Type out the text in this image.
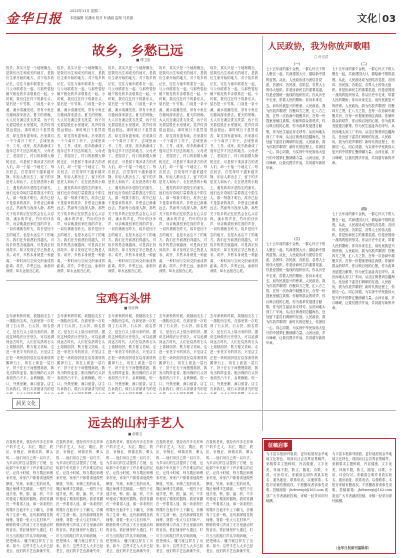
金华日报
2023年11月 星期二
本版编辑 吴潇雨 校对 叶涵丽 监制 马美丽	文化 03
故乡，乡愁已远
■ 傅卫星
故乡，其实只是一个地理概念，是我们出生和成长的地方，是我们生命开始的地方。对于故乡的记忆，往往与童年联系在一起，与父母联系在一起，与那些曾经朝夕相处的乡亲联系在一起。小时候，我们住在村子的最东头，屋后是一片竹林，门前是一条小溪，溪水清澈见底，常有小鱼在石缝间游来游去。夏天的傍晚，大人们在溪边洗衣洗菜，孩子们光着屁股在水里嬉戏，笑声传得很远很远。那时候日子虽然清苦，却过得有滋有味。后来我们一个个离开了村子，去城里读书、工作、成家，故乡渐渐成了逢年过节才回去的地方。父母老了，老屋旧了，村口的那棵大樟树还在，可是树下乘凉讲古的老人们，却一个接一个地走了。每次回去，总觉得村子越来越安静，年轻人都出去了，留下的多是老人和孩子。走在熟悉的小路上，遇见的却多是陌生的面孔，他们也好奇地打量着我这个陌生人。那一刻我才明白，故乡已经不是原来的故乡，乡愁也已渐渐远去。然而每当夜深人静，那些关于故乡的记忆依然会在心头浮现，溪水的声音，竹叶的沙沙声，母亲唤我回家吃饭的声音，一切仿佛就在昨天。故乡是回不去的地方，也是永远忘不了的地方。我们在外面漂泊得越久，对故乡的思念就越深，可是真正回到故乡，却又发现它早已物是人非。或许，乡愁本身就是一种距离，一种时间与空间交织而成的距离。故乡，乡愁已远，而那份深情，却永远留在心底。
故乡，其实只是一个地理概念，是我们出生和成长的地方，是我们生命开始的地方。对于故乡的记忆，往往与童年联系在一起，与父母联系在一起，与那些曾经朝夕相处的乡亲联系在一起。小时候，我们住在村子的最东头，屋后是一片竹林，门前是一条小溪，溪水清澈见底，常有小鱼在石缝间游来游去。夏天的傍晚，大人们在溪边洗衣洗菜，孩子们光着屁股在水里嬉戏，笑声传得很远很远。那时候日子虽然清苦，却过得有滋有味。后来我们一个个离开了村子，去城里读书、工作、成家，故乡渐渐成了逢年过节才回去的地方。父母老了，老屋旧了，村口的那棵大樟树还在，可是树下乘凉讲古的老人们，却一个接一个地走了。每次回去，总觉得村子越来越安静，年轻人都出去了，留下的多是老人和孩子。走在熟悉的小路上，遇见的却多是陌生的面孔，他们也好奇地打量着我这个陌生人。那一刻我才明白，故乡已经不是原来的故乡，乡愁也已渐渐远去。然而每当夜深人静，那些关于故乡的记忆依然会在心头浮现，溪水的声音，竹叶的沙沙声，母亲唤我回家吃饭的声音，一切仿佛就在昨天。故乡是回不去的地方，也是永远忘不了的地方。我们在外面漂泊得越久，对故乡的思念就越深，可是真正回到故乡，却又发现它早已物是人非。或许，乡愁本身就是一种距离，一种时间与空间交织而成的距离。故乡，乡愁已远，而那份深情，却永远留在心底。
故乡，其实只是一个地理概念，是我们出生和成长的地方，是我们生命开始的地方。对于故乡的记忆，往往与童年联系在一起，与父母联系在一起，与那些曾经朝夕相处的乡亲联系在一起。小时候，我们住在村子的最东头，屋后是一片竹林，门前是一条小溪，溪水清澈见底，常有小鱼在石缝间游来游去。夏天的傍晚，大人们在溪边洗衣洗菜，孩子们光着屁股在水里嬉戏，笑声传得很远很远。那时候日子虽然清苦，却过得有滋有味。后来我们一个个离开了村子，去城里读书、工作、成家，故乡渐渐成了逢年过节才回去的地方。父母老了，老屋旧了，村口的那棵大樟树还在，可是树下乘凉讲古的老人们，却一个接一个地走了。每次回去，总觉得村子越来越安静，年轻人都出去了，留下的多是老人和孩子。走在熟悉的小路上，遇见的却多是陌生的面孔，他们也好奇地打量着我这个陌生人。那一刻我才明白，故乡已经不是原来的故乡，乡愁也已渐渐远去。然而每当夜深人静，那些关于故乡的记忆依然会在心头浮现，溪水的声音，竹叶的沙沙声，母亲唤我回家吃饭的声音，一切仿佛就在昨天。故乡是回不去的地方，也是永远忘不了的地方。我们在外面漂泊得越久，对故乡的思念就越深，可是真正回到故乡，却又发现它早已物是人非。或许，乡愁本身就是一种距离，一种时间与空间交织而成的距离。故乡，乡愁已远，而那份深情，却永远留在心底。
故乡，其实只是一个地理概念，是我们出生和成长的地方，是我们生命开始的地方。对于故乡的记忆，往往与童年联系在一起，与父母联系在一起，与那些曾经朝夕相处的乡亲联系在一起。小时候，我们住在村子的最东头，屋后是一片竹林，门前是一条小溪，溪水清澈见底，常有小鱼在石缝间游来游去。夏天的傍晚，大人们在溪边洗衣洗菜，孩子们光着屁股在水里嬉戏，笑声传得很远很远。那时候日子虽然清苦，却过得有滋有味。后来我们一个个离开了村子，去城里读书、工作、成家，故乡渐渐成了逢年过节才回去的地方。父母老了，老屋旧了，村口的那棵大樟树还在，可是树下乘凉讲古的老人们，却一个接一个地走了。每次回去，总觉得村子越来越安静，年轻人都出去了，留下的多是老人和孩子。走在熟悉的小路上，遇见的却多是陌生的面孔，他们也好奇地打量着我这个陌生人。那一刻我才明白，故乡已经不是原来的故乡，乡愁也已渐渐远去。然而每当夜深人静，那些关于故乡的记忆依然会在心头浮现，溪水的声音，竹叶的沙沙声，母亲唤我回家吃饭的声音，一切仿佛就在昨天。故乡是回不去的地方，也是永远忘不了的地方。我们在外面漂泊得越久，对故乡的思念就越深，可是真正回到故乡，却又发现它早已物是人非。或许，乡愁本身就是一种距离，一种时间与空间交织而成的距离。故乡，乡愁已远，而那份深情，却永远留在心底。
故乡，其实只是一个地理概念，是我们出生和成长的地方，是我们生命开始的地方。对于故乡的记忆，往往与童年联系在一起，与父母联系在一起，与那些曾经朝夕相处的乡亲联系在一起。小时候，我们住在村子的最东头，屋后是一片竹林，门前是一条小溪，溪水清澈见底，常有小鱼在石缝间游来游去。夏天的傍晚，大人们在溪边洗衣洗菜，孩子们光着屁股在水里嬉戏，笑声传得很远很远。那时候日子虽然清苦，却过得有滋有味。后来我们一个个离开了村子，去城里读书、工作、成家，故乡渐渐成了逢年过节才回去的地方。父母老了，老屋旧了，村口的那棵大樟树还在，可是树下乘凉讲古的老人们，却一个接一个地走了。每次回去，总觉得村子越来越安静，年轻人都出去了，留下的多是老人和孩子。走在熟悉的小路上，遇见的却多是陌生的面孔，他们也好奇地打量着我这个陌生人。那一刻我才明白，故乡已经不是原来的故乡，乡愁也已渐渐远去。然而每当夜深人静，那些关于故乡的记忆依然会在心头浮现，溪水的声音，竹叶的沙沙声，母亲唤我回家吃饭的声音，一切仿佛就在昨天。故乡是回不去的地方，也是永远忘不了的地方。我们在外面漂泊得越久，对故乡的思念就越深，可是真正回到故乡，却又发现它早已物是人非。或许，乡愁本身就是一种距离，一种时间与空间交织而成的距离。故乡，乡愁已远，而那份深情，却永远留在心底。
人民政协，我为你放声歌唱
□ 叶宗洪
（一）
七十五年前的那个金秋，一群心怀天下的人聚在一起，共商建国大计，描绘新中国的蓝图。从此，人民政协成为团结各党派、各团体、各民族、各阶层、各界人士的伟大组织。你是协商民主的重要渠道，你是爱国统一战线的组织形式。你从历史中走来，带着人民的期盼；你向未来走去，肩负民族复兴的使命。人民政协，我为你放声歌唱！你聚四方之贤，汇八方之智，在每一次协商中凝聚共识，在每一份提案里倾注真情。你倾听群众的呼声，你反映百姓的心愿，你为改革发展建言献策，你为民生福祉奔走呼号。从田间地头到工厂车间，从社区街巷到边疆海岛，处处留下委员们调研的足迹。人民政协，我为你放声歌唱！新时代的征程上，你团结一心，同心同德，为实现中华民族伟大复兴的中国梦汇聚磅礴力量。山河壮丽，岁月峥嵘，让我们携手并肩，共同谱写新的华章。
（三）
七十五年前的那个金秋，一群心怀天下的人聚在一起，共商建国大计，描绘新中国的蓝图。从此，人民政协成为团结各党派、各团体、各民族、各阶层、各界人士的伟大组织。你是协商民主的重要渠道，你是爱国统一战线的组织形式。你从历史中走来，带着人民的期盼；你向未来走去，肩负民族复兴的使命。人民政协，我为你放声歌唱！你聚四方之贤，汇八方之智，在每一次协商中凝聚共识，在每一份提案里倾注真情。你倾听群众的呼声，你反映百姓的心愿，你为改革发展建言献策，你为民生福祉奔走呼号。从田间地头到工厂车间，从社区街巷到边疆海岛，处处留下委员们调研的足迹。人民政协，我为你放声歌唱！新时代的征程上，你团结一心，同心同德，为实现中华民族伟大复兴的中国梦汇聚磅礴力量。山河壮丽，岁月峥嵘，让我们携手并肩，共同谱写新的华章。
（二）
七十五年前的那个金秋，一群心怀天下的人聚在一起，共商建国大计，描绘新中国的蓝图。从此，人民政协成为团结各党派、各团体、各民族、各阶层、各界人士的伟大组织。你是协商民主的重要渠道，你是爱国统一战线的组织形式。你从历史中走来，带着人民的期盼；你向未来走去，肩负民族复兴的使命。人民政协，我为你放声歌唱！你聚四方之贤，汇八方之智，在每一次协商中凝聚共识，在每一份提案里倾注真情。你倾听群众的呼声，你反映百姓的心愿，你为改革发展建言献策，你为民生福祉奔走呼号。从田间地头到工厂车间，从社区街巷到边疆海岛，处处留下委员们调研的足迹。人民政协，我为你放声歌唱！新时代的征程上，你团结一心，同心同德，为实现中华民族伟大复兴的中国梦汇聚磅礴力量。山河壮丽，岁月峥嵘，让我们携手并肩，共同谱写新的华章。
（四）
七十五年前的那个金秋，一群心怀天下的人聚在一起，共商建国大计，描绘新中国的蓝图。从此，人民政协成为团结各党派、各团体、各民族、各阶层、各界人士的伟大组织。你是协商民主的重要渠道，你是爱国统一战线的组织形式。你从历史中走来，带着人民的期盼；你向未来走去，肩负民族复兴的使命。人民政协，我为你放声歌唱！你聚四方之贤，汇八方之智，在每一次协商中凝聚共识，在每一份提案里倾注真情。你倾听群众的呼声，你反映百姓的心愿，你为改革发展建言献策，你为民生福祉奔走呼号。从田间地头到工厂车间，从社区街巷到边疆海岛，处处留下委员们调研的足迹。人民政协，我为你放声歌唱！新时代的征程上，你团结一心，同心同德，为实现中华民族伟大复兴的中国梦汇聚磅礴力量。山河壮丽，岁月峥嵘，让我们携手并肩，共同谱写新的华章。
宝鸡石头饼
■ 杨乐梅
去年深秋的时候，我随朋友去了一趟陕西宝鸡，在那里第一次吃到了石头饼。石头饼，顾名思义，是在石头上烙出来的饼。据说这种做法历史悠久，可以追溯到远古时代，人们在烧热的石头上烙制面饼，既方便又美味。走进一家老字号的饼店，只见店主正把一块块面饼放在烧得滚烫的鹅卵石上，再在上面盖一层石子，饼子在石子间慢慢烙熟，散发出阵阵麦香。刚出锅的石头饼表面凹凸不平，金黄酥脆，咬一口，外焦里嫩，满口留香。店主告诉我们，做石头饼最讲究的是
去年深秋的时候，我随朋友去了一趟陕西宝鸡，在那里第一次吃到了石头饼。石头饼，顾名思义，是在石头上烙出来的饼。据说这种做法历史悠久，可以追溯到远古时代，人们在烧热的石头上烙制面饼，既方便又美味。走进一家老字号的饼店，只见店主正把一块块面饼放在烧得滚烫的鹅卵石上，再在上面盖一层石子，饼子在石子间慢慢烙熟，散发出阵阵麦香。刚出锅的石头饼表面凹凸不平，金黄酥脆，咬一口，外焦里嫩，满口留香。店主告诉我们，做石头饼最讲究的是
去年深秋的时候，我随朋友去了一趟陕西宝鸡，在那里第一次吃到了石头饼。石头饼，顾名思义，是在石头上烙出来的饼。据说这种做法历史悠久，可以追溯到远古时代，人们在烧热的石头上烙制面饼，既方便又美味。走进一家老字号的饼店，只见店主正把一块块面饼放在烧得滚烫的鹅卵石上，再在上面盖一层石子，饼子在石子间慢慢烙熟，散发出阵阵麦香。刚出锅的石头饼表面凹凸不平，金黄酥脆，咬一口，外焦里嫩，满口留香。店主告诉我们，做石头饼最讲究的是
去年深秋的时候，我随朋友去了一趟陕西宝鸡，在那里第一次吃到了石头饼。石头饼，顾名思义，是在石头上烙出来的饼。据说这种做法历史悠久，可以追溯到远古时代，人们在烧热的石头上烙制面饼，既方便又美味。走进一家老字号的饼店，只见店主正把一块块面饼放在烧得滚烫的鹅卵石上，再在上面盖一层石子，饼子在石子间慢慢烙熟，散发出阵阵麦香。刚出锅的石头饼表面凹凸不平，金黄酥脆，咬一口，外焦里嫩，满口留香。店主告诉我们，做石头饼最讲究的是
去年深秋的时候，我随朋友去了一趟陕西宝鸡，在那里第一次吃到了石头饼。石头饼，顾名思义，是在石头上烙出来的饼。据说这种做法历史悠久，可以追溯到远古时代，人们在烧热的石头上烙制面饼，既方便又美味。走进一家老字号的饼店，只见店主正把一块块面饼放在烧得滚烫的鹅卵石上，再在上面盖一层石子，饼子在石子间慢慢烙熟，散发出阵阵麦香。刚出锅的石头饼表面凹凸不平，金黄酥脆，咬一口，外焦里嫩，满口留香。店主告诉我们，做石头饼最讲究的是
洞见文化
远去的山村手艺人
■ 俞敏玉
在我的老家，曾经有许多走村串户的手艺人，木匠、篾匠、铁匠、补锅匠、弹棉花的、剃头的……他们用自己的一双巧手，为乡亲们的生活提供了方便，也给那个年代留下了许多难忘的记忆。记得小时候，每当篾匠师傅来村里，家家户户都要请他做些箩筐、竹席、米筛之类的用具。篾匠师傅手艺精湛，一根竹子在他手里，劈、削、编、织，不多时便成了精美的器物。我常常蹲在一旁看得入迷，那一条条细长的篾片在他手中上下翻飞，仿佛有了生命一般。还有那弹棉花的师傅，背着一张大弓走村串户，嘭嘭的弹弓声成了冬日里最动听的音乐。铁匠铺里炉火通红，叮叮当当的敲打声从早响到晚，一把把锄头、镰刀就这样打了出来。如今，这些手艺人大多已经老去，他们的手艺也渐渐失传，
在我的老家，曾经有许多走村串户的手艺人，木匠、篾匠、铁匠、补锅匠、弹棉花的、剃头的……他们用自己的一双巧手，为乡亲们的生活提供了方便，也给那个年代留下了许多难忘的记忆。记得小时候，每当篾匠师傅来村里，家家户户都要请他做些箩筐、竹席、米筛之类的用具。篾匠师傅手艺精湛，一根竹子在他手里，劈、削、编、织，不多时便成了精美的器物。我常常蹲在一旁看得入迷，那一条条细长的篾片在他手中上下翻飞，仿佛有了生命一般。还有那弹棉花的师傅，背着一张大弓走村串户，嘭嘭的弹弓声成了冬日里最动听的音乐。铁匠铺里炉火通红，叮叮当当的敲打声从早响到晚，一把把锄头、镰刀就这样打了出来。如今，这些手艺人大多已经老去，他们的手艺也渐渐失传，
在我的老家，曾经有许多走村串户的手艺人，木匠、篾匠、铁匠、补锅匠、弹棉花的、剃头的……他们用自己的一双巧手，为乡亲们的生活提供了方便，也给那个年代留下了许多难忘的记忆。记得小时候，每当篾匠师傅来村里，家家户户都要请他做些箩筐、竹席、米筛之类的用具。篾匠师傅手艺精湛，一根竹子在他手里，劈、削、编、织，不多时便成了精美的器物。我常常蹲在一旁看得入迷，那一条条细长的篾片在他手中上下翻飞，仿佛有了生命一般。还有那弹棉花的师傅，背着一张大弓走村串户，嘭嘭的弹弓声成了冬日里最动听的音乐。铁匠铺里炉火通红，叮叮当当的敲打声从早响到晚，一把把锄头、镰刀就这样打了出来。如今，这些手艺人大多已经老去，他们的手艺也渐渐失传，
在我的老家，曾经有许多走村串户的手艺人，木匠、篾匠、铁匠、补锅匠、弹棉花的、剃头的……他们用自己的一双巧手，为乡亲们的生活提供了方便，也给那个年代留下了许多难忘的记忆。记得小时候，每当篾匠师傅来村里，家家户户都要请他做些箩筐、竹席、米筛之类的用具。篾匠师傅手艺精湛，一根竹子在他手里，劈、削、编、织，不多时便成了精美的器物。我常常蹲在一旁看得入迷，那一条条细长的篾片在他手中上下翻飞，仿佛有了生命一般。还有那弹棉花的师傅，背着一张大弓走村串户，嘭嘭的弹弓声成了冬日里最动听的音乐。铁匠铺里炉火通红，叮叮当当的敲打声从早响到晚，一把把锄头、镰刀就这样打了出来。如今，这些手艺人大多已经老去，他们的手艺也渐渐失传，
在我的老家，曾经有许多走村串户的手艺人，木匠、篾匠、铁匠、补锅匠、弹棉花的、剃头的……他们用自己的一双巧手，为乡亲们的生活提供了方便，也给那个年代留下了许多难忘的记忆。记得小时候，每当篾匠师傅来村里，家家户户都要请他做些箩筐、竹席、米筛之类的用具。篾匠师傅手艺精湛，一根竹子在他手里，劈、削、编、织，不多时便成了精美的器物。我常常蹲在一旁看得入迷，那一条条细长的篾片在他手中上下翻飞，仿佛有了生命一般。还有那弹棉花的师傅，背着一张大弓走村串户，嘭嘭的弹弓声成了冬日里最动听的音乐。铁匠铺里炉火通红，叮叮当当的敲打声从早响到晚，一把把锄头、镰刀就这样打了出来。如今，这些手艺人大多已经老去，他们的手艺也渐渐失传，
征稿启事
为丰富本报副刊版面，更好地展现金华地域文化特色，现面向社会各界征集稿件。来稿要求主题鲜明，内容健康，文字优美，体裁不限，散文、随笔、诗歌、小说、评论均可。来稿请注明作者真实姓名、通讯地址、联系电话，以便联系。本报对来稿有删改权，不愿删改者请事先说明。投稿邮箱：jhrbwenyi@163.com 欢迎广大作者踊跃投稿，来稿一经采用即付稿酬。
为丰富本报副刊版面，更好地展现金华地域文化特色，现面向社会各界征集稿件。来稿要求主题鲜明，内容健康，文字优美，体裁不限，散文、随笔、诗歌、小说、评论均可。来稿请注明作者真实姓名、通讯地址、联系电话，以便联系。本报对来稿有删改权，不愿删改者请事先说明。投稿邮箱：jhrbwenyi@163.com 欢迎广大作者踊跃投稿，来稿一经采用即付稿酬。
（金华日报副刊编辑部）
